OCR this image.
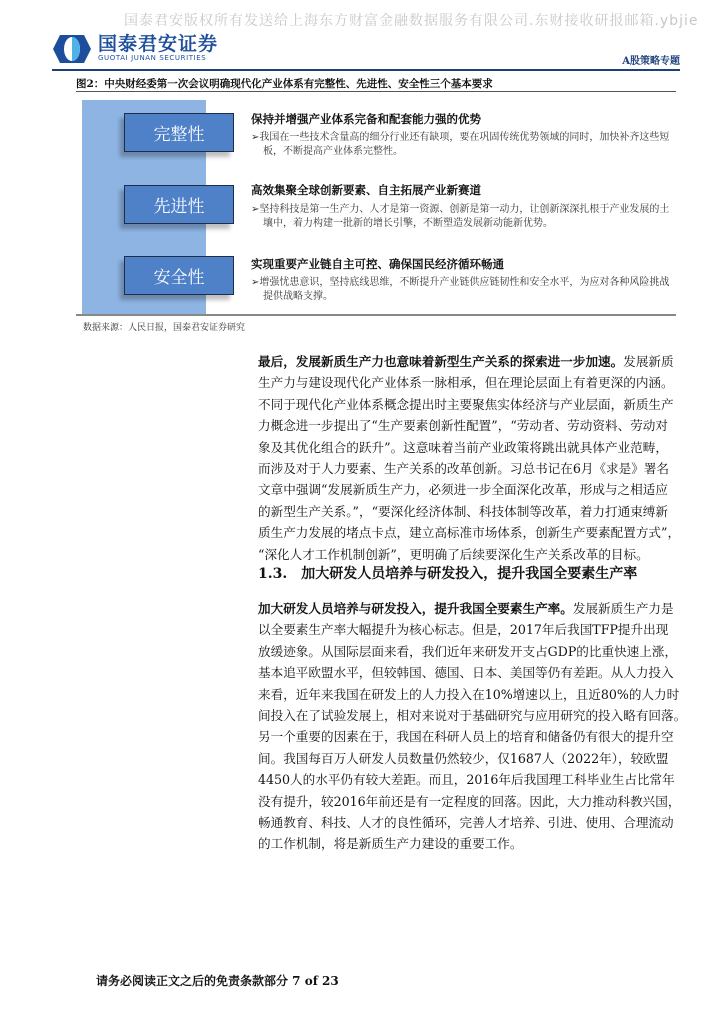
国泰君安版权所有发送给上海东方财富金融数据服务有限公司.东财接收研报邮箱.ybjie
国泰君安证券
GUOTAI JUNAN SECURITIES	A股策略专题
图2：中央财经委第一次会议明确现代化产业体系有完整性、先进性、安全性三个基本要求
完整性
保持并增强产业体系完备和配套能力强的优势
➢我国在一些技术含量高的细分行业还有缺项，要在巩固传统优势领域的同时，加快补齐这些短板，不断提高产业体系完整性。
先进性
高效集聚全球创新要素、自主拓展产业新赛道
➢坚持科技是第一生产力、人才是第一资源、创新是第一动力，让创新深深扎根于产业发展的土壤中，着力构建一批新的增长引擎，不断塑造发展新动能新优势。
安全性
实现重要产业链自主可控、确保国民经济循环畅通
➢增强忧患意识，坚持底线思维，不断提升产业链供应链韧性和安全水平，为应对各种风险挑战提供战略支撑。
数据来源：人民日报，国泰君安证券研究
最后，发展新质生产力也意味着新型生产关系的探索进一步加速。发展新质
生产力与建设现代化产业体系一脉相承，但在理论层面上有着更深的内涵。
不同于现代化产业体系概念提出时主要聚焦实体经济与产业层面，新质生产
力概念进一步提出了“生产要素创新性配置”，“劳动者、劳动资料、劳动对
象及其优化组合的跃升”。这意味着当前产业政策将跳出就具体产业范畴，
而涉及对于人力要素、生产关系的改革创新。习总书记在6月《求是》署名
文章中强调“发展新质生产力，必须进一步全面深化改革，形成与之相适应
的新型生产关系。”，“要深化经济体制、科技体制等改革，着力打通束缚新
质生产力发展的堵点卡点，建立高标准市场体系，创新生产要素配置方式”，
“深化人才工作机制创新”，更明确了后续要深化生产关系改革的目标。
1.3. 加大研发人员培养与研发投入，提升我国全要素生产率
加大研发人员培养与研发投入，提升我国全要素生产率。发展新质生产力是
以全要素生产率大幅提升为核心标志。但是，2017年后我国TFP提升出现
放缓迹象。从国际层面来看，我们近年来研发开支占GDP的比重快速上涨，
基本追平欧盟水平，但较韩国、德国、日本、美国等仍有差距。从人力投入
来看，近年来我国在研发上的人力投入在10%增速以上，且近80%的人力时
间投入在了试验发展上，相对来说对于基础研究与应用研究的投入略有回落。
另一个重要的因素在于，我国在科研人员上的培育和储备仍有很大的提升空
间。我国每百万人研发人员数量仍然较少，仅1687人（2022年），较欧盟
4450人的水平仍有较大差距。而且，2016年后我国理工科毕业生占比常年
没有提升，较2016年前还是有一定程度的回落。因此，大力推动科教兴国，
畅通教育、科技、人才的良性循环，完善人才培养、引进、使用、合理流动
的工作机制，将是新质生产力建设的重要工作。
请务必阅读正文之后的免责条款部分 7 of 23
